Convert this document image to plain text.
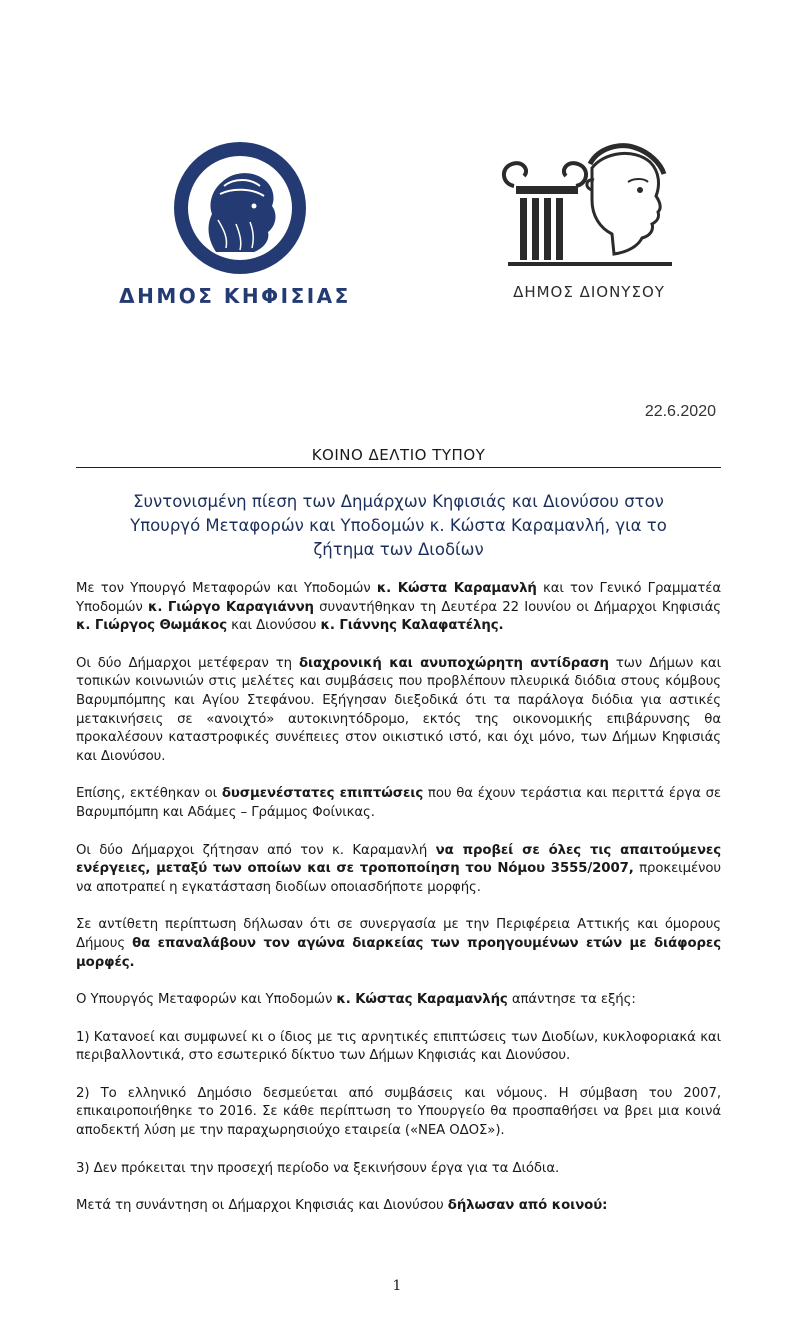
ΔΗΜΟΣ ΚΗΦΙΣΙΑΣ	ΔΗΜΟΣ ΔΙΟΝΥΣΟΥ
22.6.2020
ΚΟΙΝΟ ΔΕΛΤΙΟ ΤΥΠΟΥ
Συντονισμένη πίεση των Δημάρχων Κηφισιάς και Διονύσου στον
Υπουργό Μεταφορών και Υποδομών κ. Κώστα Καραμανλή, για το
ζήτημα των Διοδίων

Με τον Υπουργό Μεταφορών και Υποδομών κ. Κώστα Καραμανλή και τον Γενικό Γραμματέα Υποδομών κ. Γιώργο Καραγιάννη συναντήθηκαν τη Δευτέρα 22 Ιουνίου οι Δήμαρχοι Κηφισιάς κ. Γιώργος Θωμάκος και Διονύσου κ. Γιάννης Καλαφατέλης.

Οι δύο Δήμαρχοι μετέφεραν τη διαχρονική και ανυποχώρητη αντίδραση των Δήμων και τοπικών κοινωνιών στις μελέτες και συμβάσεις που προβλέπουν πλευρικά διόδια στους κόμβους Βαρυμπόμπης και Αγίου Στεφάνου. Εξήγησαν διεξοδικά ότι τα παράλογα διόδια για αστικές μετακινήσεις σε «ανοιχτό» αυτοκινητόδρομο, εκτός της οικονομικής επιβάρυνσης θα προκαλέσουν καταστροφικές συνέπειες στον οικιστικό ιστό, και όχι μόνο, των Δήμων Κηφισιάς και Διονύσου.

Επίσης, εκτέθηκαν οι δυσμενέστατες επιπτώσεις που θα έχουν τεράστια και περιττά έργα σε Βαρυμπόμπη και Αδάμες – Γράμμος Φοίνικας.

Οι δύο Δήμαρχοι ζήτησαν από τον κ. Καραμανλή να προβεί σε όλες τις απαιτούμενες ενέργειες, μεταξύ των οποίων και σε τροποποίηση του Νόμου 3555/2007, προκειμένου να αποτραπεί η εγκατάσταση διοδίων οποιασδήποτε μορφής.

Σε αντίθετη περίπτωση δήλωσαν ότι σε συνεργασία με την Περιφέρεια Αττικής και όμορους Δήμους θα επαναλάβουν τον αγώνα διαρκείας των προηγουμένων ετών με διάφορες μορφές.

Ο Υπουργός Μεταφορών και Υποδομών κ. Κώστας Καραμανλής απάντησε τα εξής:

1) Κατανοεί και συμφωνεί κι ο ίδιος με τις αρνητικές επιπτώσεις των Διοδίων, κυκλοφοριακά και περιβαλλοντικά, στο εσωτερικό δίκτυο των Δήμων Κηφισιάς και Διονύσου.

2) Το ελληνικό Δημόσιο δεσμεύεται από συμβάσεις και νόμους. Η σύμβαση του 2007, επικαιροποιήθηκε το 2016. Σε κάθε περίπτωση το Υπουργείο θα προσπαθήσει να βρει μια κοινά αποδεκτή λύση με την παραχωρησιούχο εταιρεία («ΝΕΑ ΟΔΟΣ»).

3) Δεν πρόκειται την προσεχή περίοδο να ξεκινήσουν έργα για τα Διόδια.

Μετά τη συνάντηση οι Δήμαρχοι Κηφισιάς και Διονύσου δήλωσαν από κοινού:

1
